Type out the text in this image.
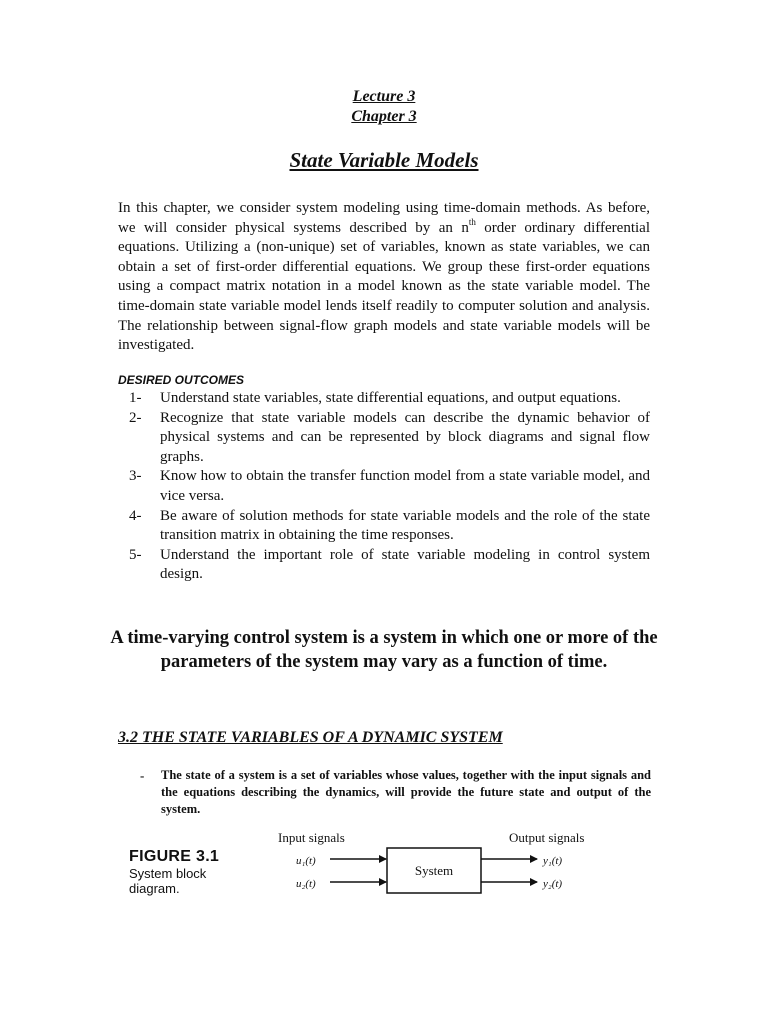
Lecture 3
Chapter 3
State Variable Models
In this chapter, we consider system modeling using time-domain methods. As before, we will consider physical systems described by an $n^{th}$ order ordinary differential equations. Utilizing a (non-unique) set of variables, known as state variables, we can obtain a set of first-order differential equations. We group these first-order equations using a compact matrix notation in a model known as the state variable model. The time-domain state variable model lends itself readily to computer solution and analysis. The relationship between signal-flow graph models and state variable models will be investigated.
DESIRED OUTCOMES
1- Understand state variables, state differential equations, and output equations.
2- Recognize that state variable models can describe the dynamic behavior of physical systems and can be represented by block diagrams and signal flow graphs.
3- Know how to obtain the transfer function model from a state variable model, and vice versa.
4- Be aware of solution methods for state variable models and the role of the state transition matrix in obtaining the time responses.
5- Understand the important role of state variable modeling in control system design.
A time-varying control system is a system in which one or more of the parameters of the system may vary as a function of time.
3.2 THE STATE VARIABLES OF A DYNAMIC SYSTEM
- The state of a system is a set of variables whose values, together with the input signals and the equations describing the dynamics, will provide the future state and output of the system.
FIGURE 3.1
System block
diagram.
Input signals	Output signals
u₁(t)
u₂(t)
System
y₁(t)
y₂(t)
